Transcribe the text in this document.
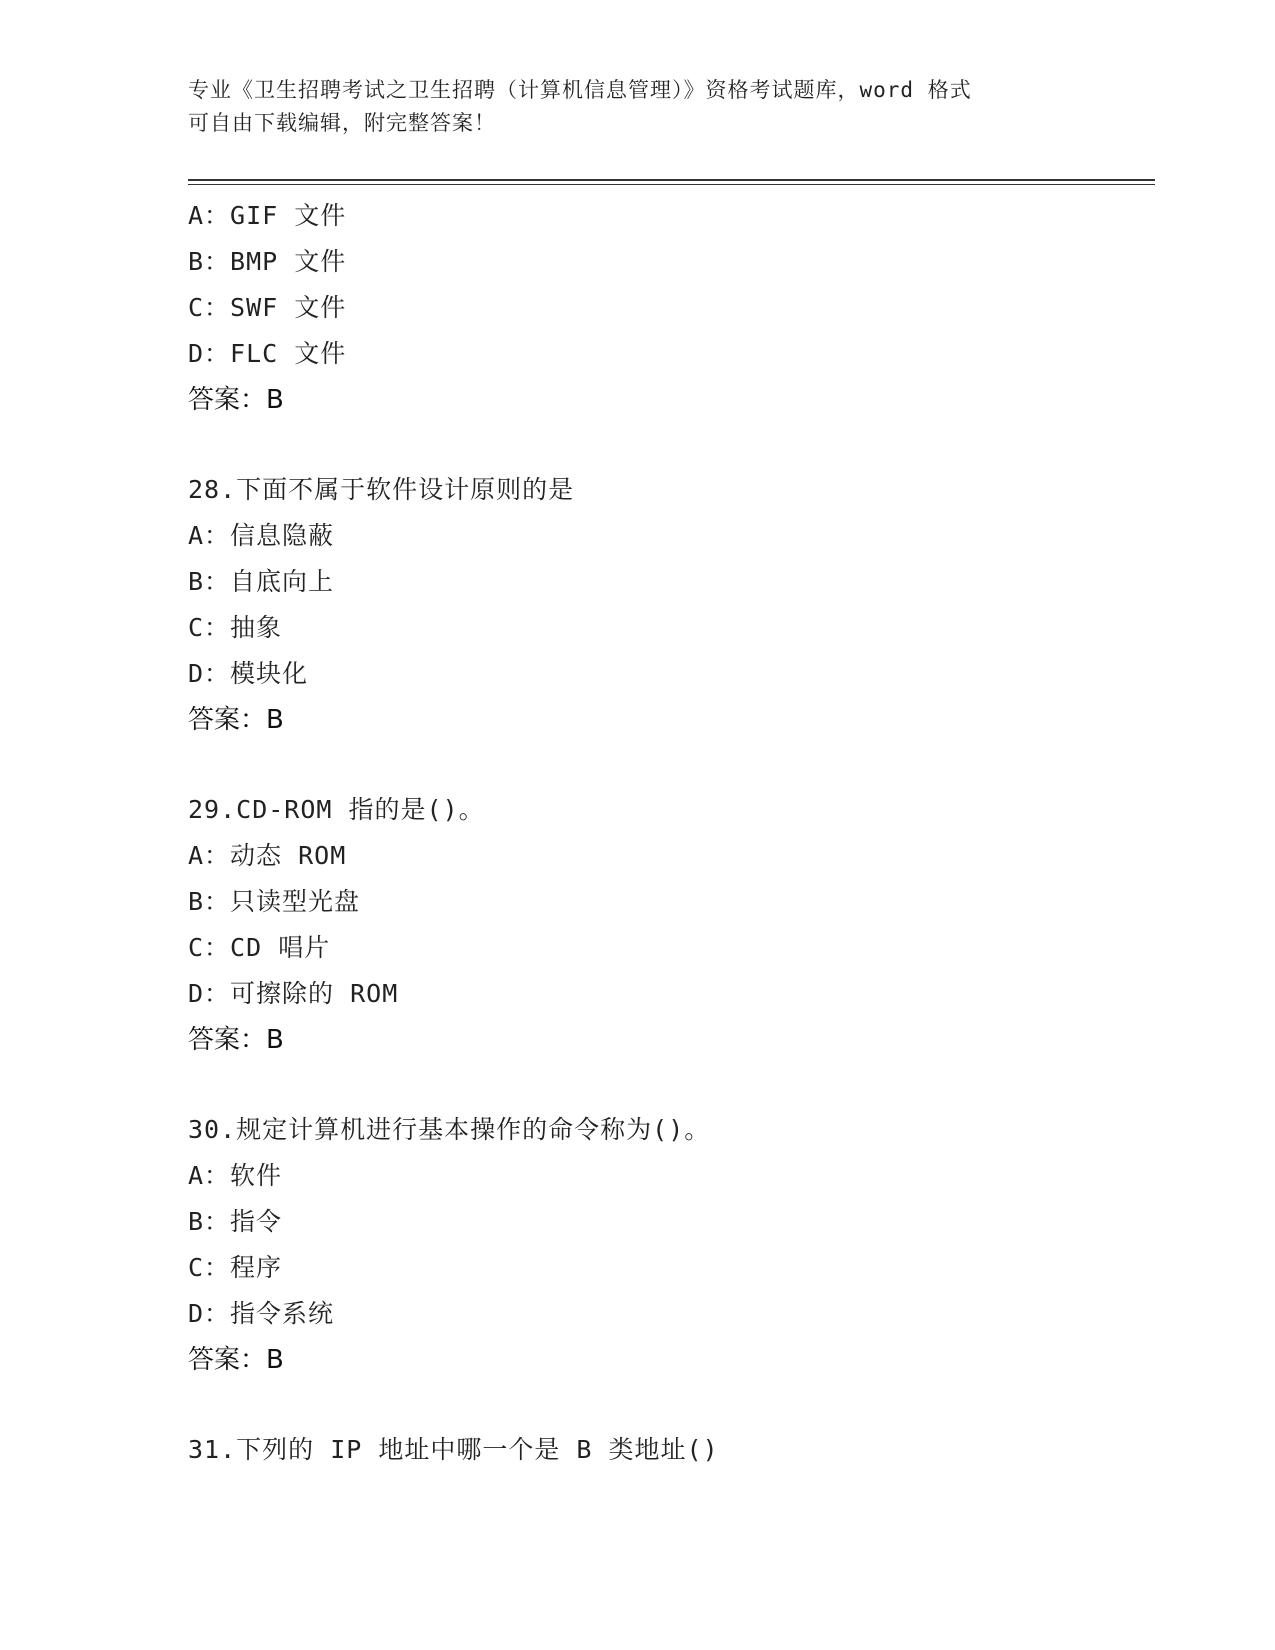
专业《卫生招聘考试之卫生招聘（计算机信息管理）》资格考试题库，word 格式
可自由下载编辑，附完整答案！
A：GIF 文件
B：BMP 文件
C：SWF 文件
D：FLC 文件
答案：B
28.下面不属于软件设计原则的是
A：信息隐蔽
B：自底向上
C：抽象
D：模块化
答案：B
29.CD-ROM 指的是()。
A：动态 ROM
B：只读型光盘
C：CD 唱片
D：可擦除的 ROM
答案：B
30.规定计算机进行基本操作的命令称为()。
A：软件
B：指令
C：程序
D：指令系统
答案：B
31.下列的 IP 地址中哪一个是 B 类地址()
